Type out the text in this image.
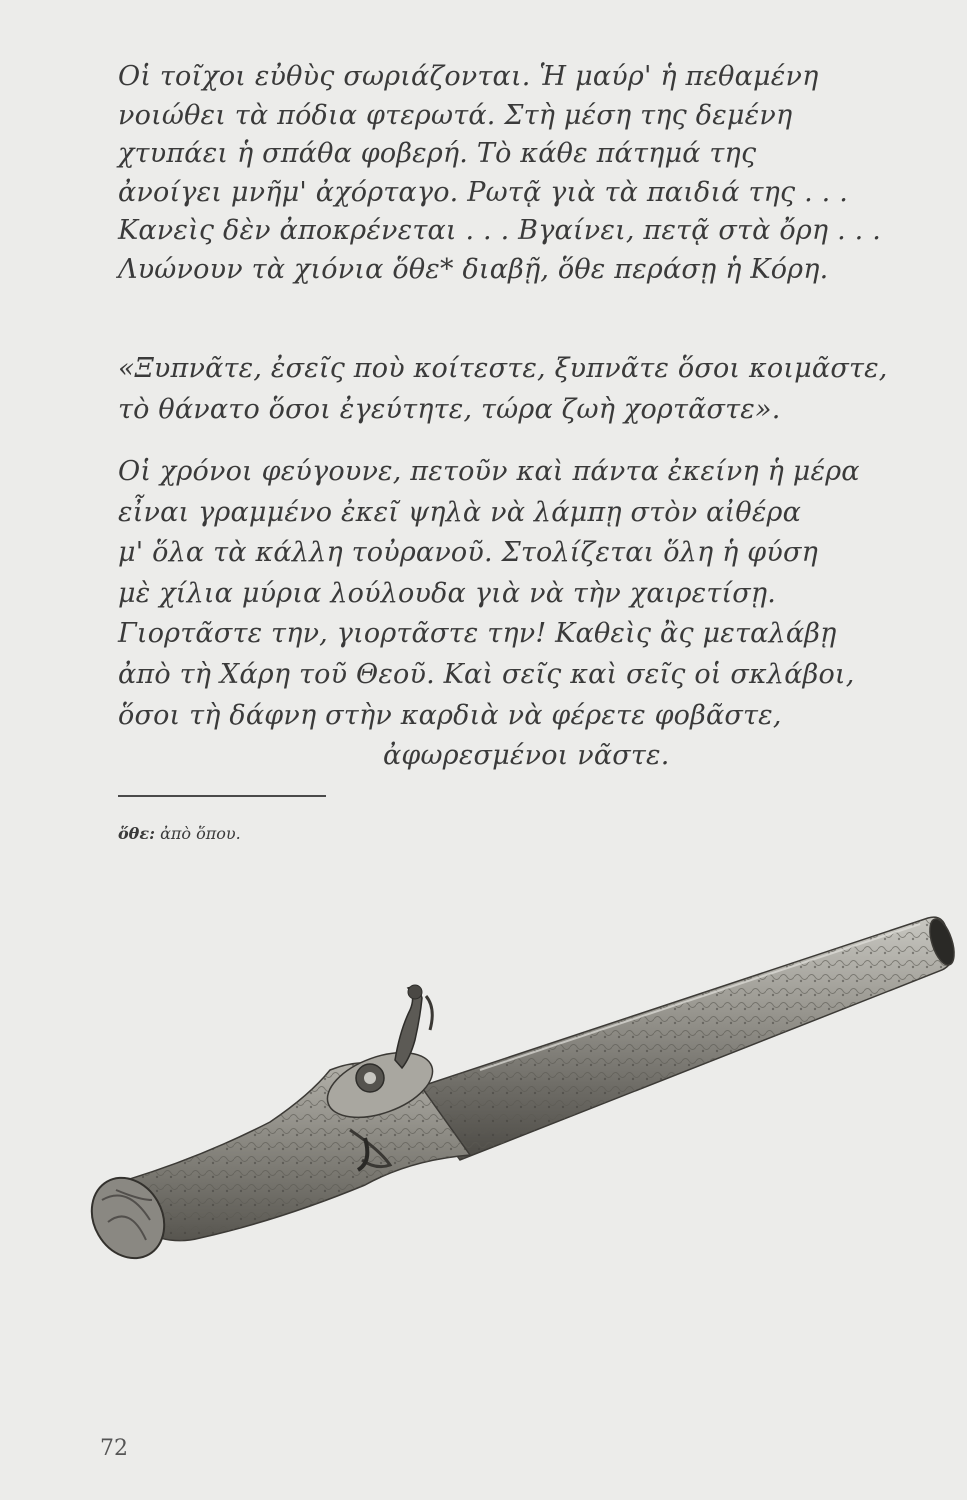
Οἱ τοῖχοι εὐθὺς σωριάζονται. Ἡ μαύρ' ἡ πεθαμένη
νοιώθει τὰ πόδια φτερωτά. Στὴ μέση της δεμένη
χτυπάει ἡ σπάθα φοβερή. Τὸ κάθε πάτημά της
ἀνοίγει μνῆμ' ἀχόρταγο. Ρωτᾷ γιὰ τὰ παιδιά της . . .
Κανεὶς δὲν ἀποκρένεται . . . Βγαίνει, πετᾷ στὰ ὄρη . . .
Λυώνουν τὰ χιόνια ὅθε* διαβῇ, ὅθε περάσῃ ἡ Κόρη.
«Ξυπνᾶτε, ἐσεῖς ποὺ κοίτεστε, ξυπνᾶτε ὅσοι κοιμᾶστε,
τὸ θάνατο ὅσοι ἐγεύτητε, τώρα ζωὴ χορτᾶστε».
Οἱ χρόνοι φεύγουνε, πετοῦν καὶ πάντα ἐκείνη ἡ μέρα
εἶναι γραμμένο ἐκεῖ ψηλὰ νὰ λάμπῃ στὸν αἰθέρα
μ' ὅλα τὰ κάλλη τοὐρανοῦ. Στολίζεται ὅλη ἡ φύση
μὲ χίλια μύρια λούλουδα γιὰ νὰ τὴν χαιρετίσῃ.
Γιορτᾶστε την, γιορτᾶστε την! Καθεὶς ἂς μεταλάβῃ
ἀπὸ τὴ Χάρη τοῦ Θεοῦ. Καὶ σεῖς καὶ σεῖς οἱ σκλάβοι,
ὅσοι τὴ δάφνη στὴν καρδιὰ νὰ φέρετε φοβᾶστε,
ἀφωρεσμένοι νᾶστε.
ὅθε: ἀπὸ ὅπου.
72
